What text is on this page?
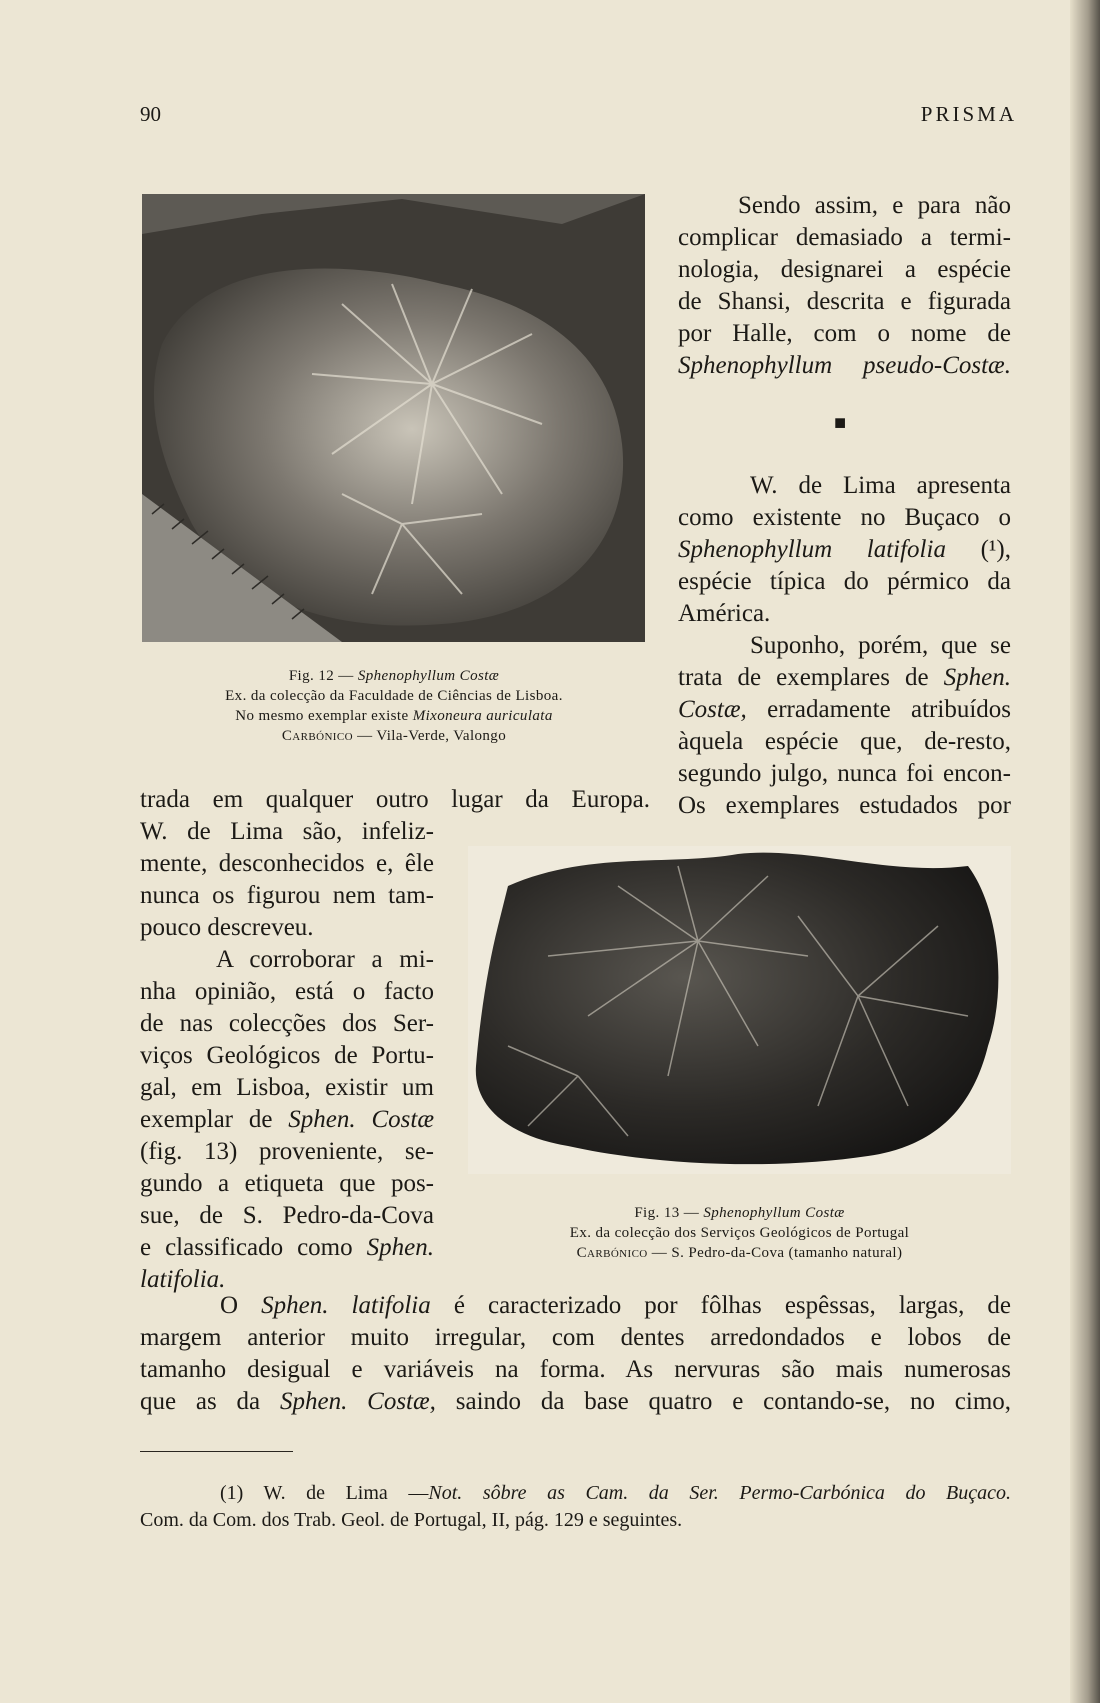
90	PRISMA
Sendo assim, e para não
complicar demasiado a termi-
nologia, designarei a espécie
de Shansi, descrita e figurada
por Halle, com o nome de
Sphenophyllum pseudo-Costæ.
■
W. de Lima apresenta
como existente no Buçaco o
Sphenophyllum latifolia (¹),
espécie típica do pérmico da
América.
Suponho, porém, que se
trata de exemplares de Sphen.
Costæ, erradamente atribuídos
àquela espécie que, de-resto,
segundo julgo, nunca foi encon-
Os exemplares estudados por
Fig. 12 — Sphenophyllum Costæ
Ex. da colecção da Faculdade de Ciências de Lisboa.
No mesmo exemplar existe Mixoneura auriculata
Carbónico — Vila-Verde, Valongo
trada em qualquer outro lugar da Europa.
W. de Lima são, infeliz-
mente, desconhecidos e, êle
nunca os figurou nem tam-
pouco descreveu.
A corroborar a mi-
nha opinião, está o facto
de nas colecções dos Ser-
viços Geológicos de Portu-
gal, em Lisboa, existir um
exemplar de Sphen. Costæ
(fig. 13) proveniente, se-
gundo a etiqueta que pos-
sue, de S. Pedro-da-Cova
e classificado como Sphen.
latifolia.
Fig. 13 — Sphenophyllum Costæ
Ex. da colecção dos Serviços Geológicos de Portugal
Carbónico — S. Pedro-da-Cova (tamanho natural)
O Sphen. latifolia é caracterizado por fôlhas espêssas, largas, de
margem anterior muito irregular, com dentes arredondados e lobos de
tamanho desigual e variáveis na forma. As nervuras são mais numerosas
que as da Sphen. Costæ, saindo da base quatro e contando-se, no cimo,
(1) W. de Lima —Not. sôbre as Cam. da Ser. Permo-Carbónica do Buçaco.
Com. da Com. dos Trab. Geol. de Portugal, II, pág. 129 e seguintes.
